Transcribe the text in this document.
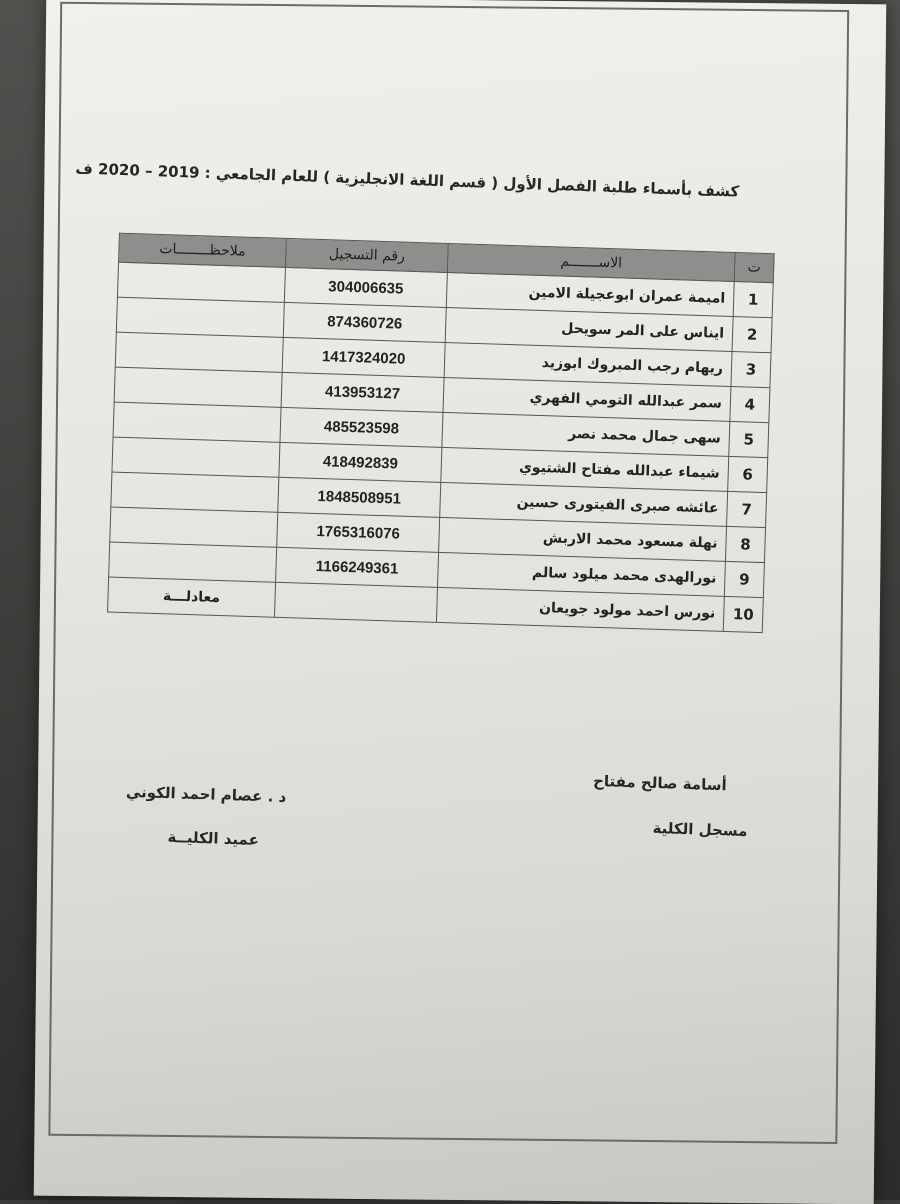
كشف بأسماء طلبة الفصل الأول ( قسم اللغة الانجليزية ) للعام الجامعي : 2019 – 2020 ف
ت	الاســـــــم	رقم التسجيل	ملاحظــــــــات
1	اميمة عمران ابوعجيلة الامين	304006635	
2	ايناس على المر سويحل	874360726	
3	ريهام رجب المبروك ابوزيد	1417324020	
4	سمر عبدالله التومي الفهري	413953127	
5	سهى جمال محمد نصر	485523598	
6	شيماء عبدالله مفتاح الشتيوي	418492839	
7	عائشه صبرى الفيتورى حسين	1848508951	
8	نهلة مسعود محمد الاربش	1765316076	
9	نورالهدى محمد ميلود سالم	1166249361	
10	نورس احمد مولود جويعان		معادلـــة
أسامة صالح مفتاح
مسجل الكلية
د . عصام احمد الكوني
عميد الكليــة
